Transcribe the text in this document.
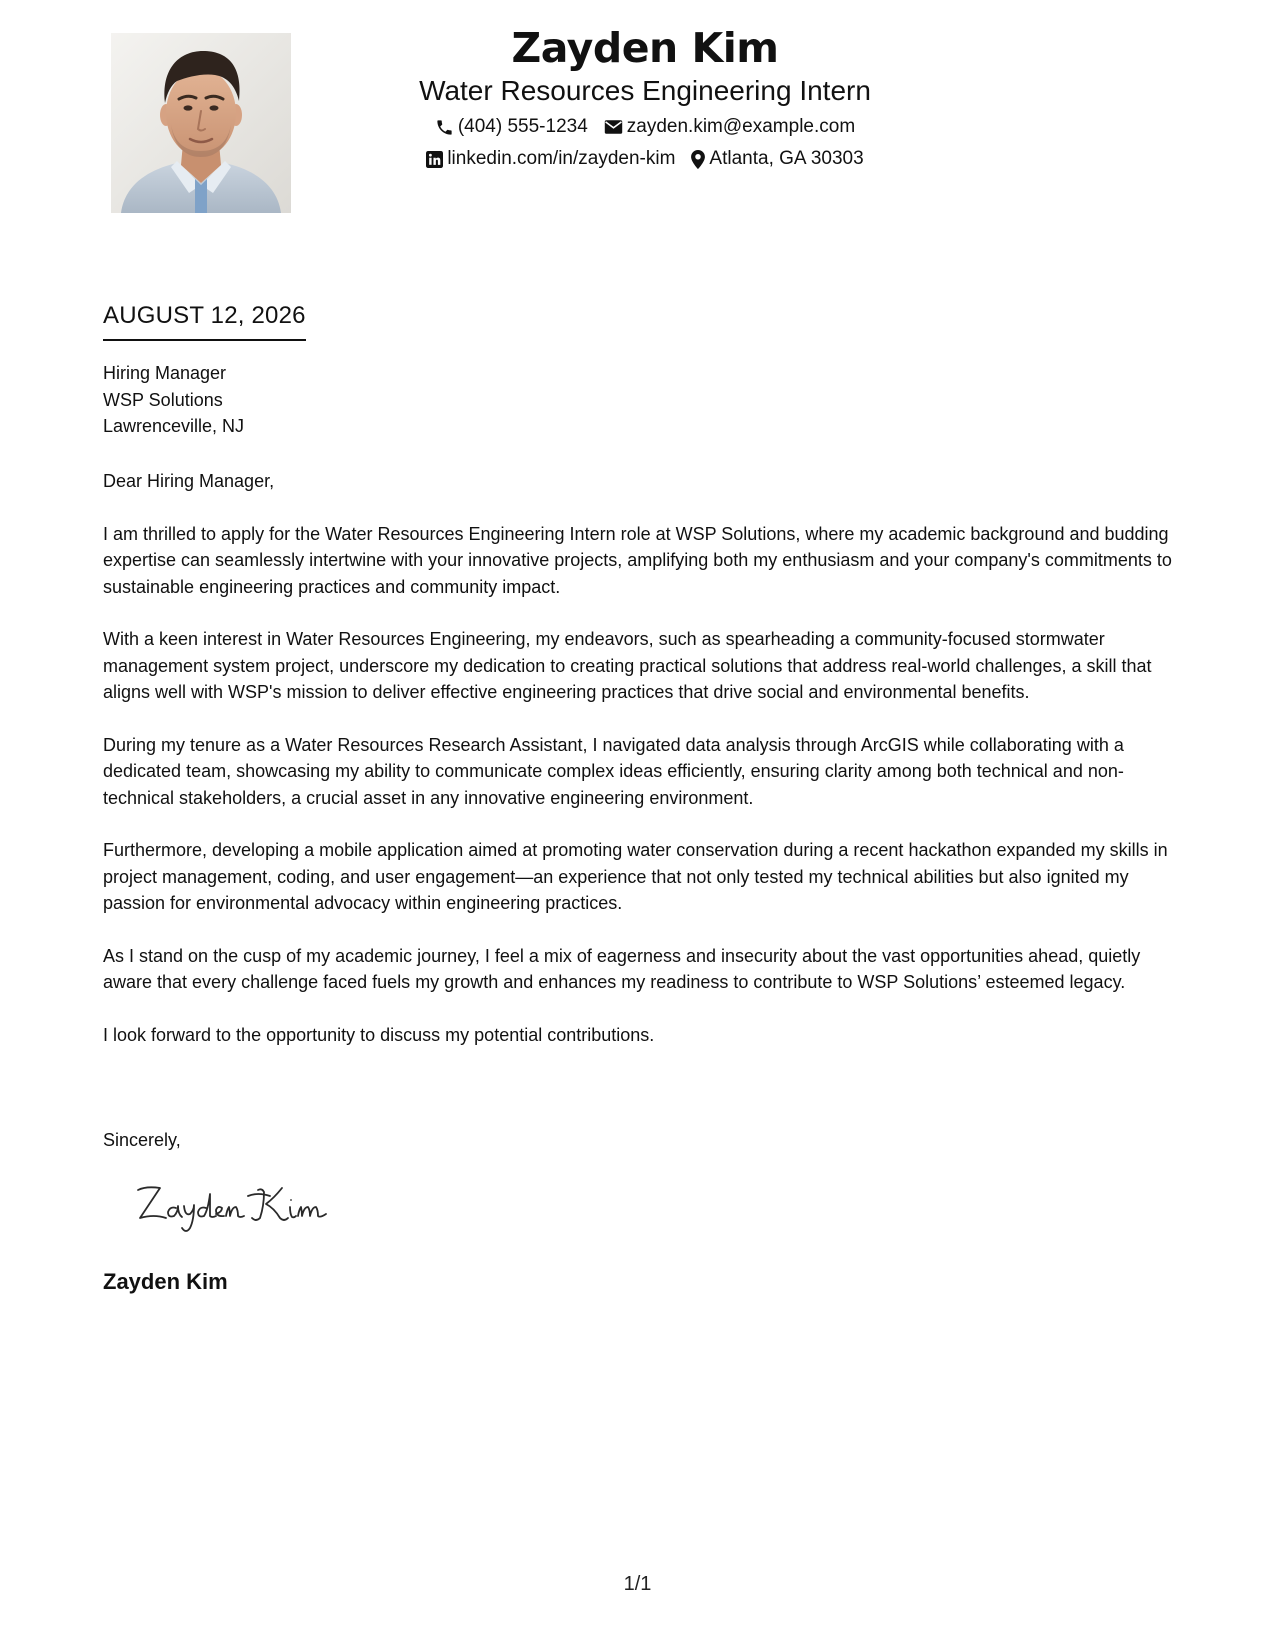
Zayden Kim
Water Resources Engineering Intern
(404) 555-1234 zayden.kim@example.com
linkedin.com/in/zayden-kim Atlanta, GA 30303
AUGUST 12, 2026
Hiring Manager
WSP Solutions
Lawrenceville, NJ

Dear Hiring Manager,

I am thrilled to apply for the Water Resources Engineering Intern role at WSP Solutions, where my academic background and budding expertise can seamlessly intertwine with your innovative projects, amplifying both my enthusiasm and your company's commitments to sustainable engineering practices and community impact.

With a keen interest in Water Resources Engineering, my endeavors, such as spearheading a community-focused stormwater management system project, underscore my dedication to creating practical solutions that address real-world challenges, a skill that aligns well with WSP's mission to deliver effective engineering practices that drive social and environmental benefits.

During my tenure as a Water Resources Research Assistant, I navigated data analysis through ArcGIS while collaborating with a dedicated team, showcasing my ability to communicate complex ideas efficiently, ensuring clarity among both technical and non-technical stakeholders, a crucial asset in any innovative engineering environment.

Furthermore, developing a mobile application aimed at promoting water conservation during a recent hackathon expanded my skills in project management, coding, and user engagement—an experience that not only tested my technical abilities but also ignited my passion for environmental advocacy within engineering practices.

As I stand on the cusp of my academic journey, I feel a mix of eagerness and insecurity about the vast opportunities ahead, quietly aware that every challenge faced fuels my growth and enhances my readiness to contribute to WSP Solutions’ esteemed legacy.

I look forward to the opportunity to discuss my potential contributions.

Sincerely,
Zayden Kim
1/1
